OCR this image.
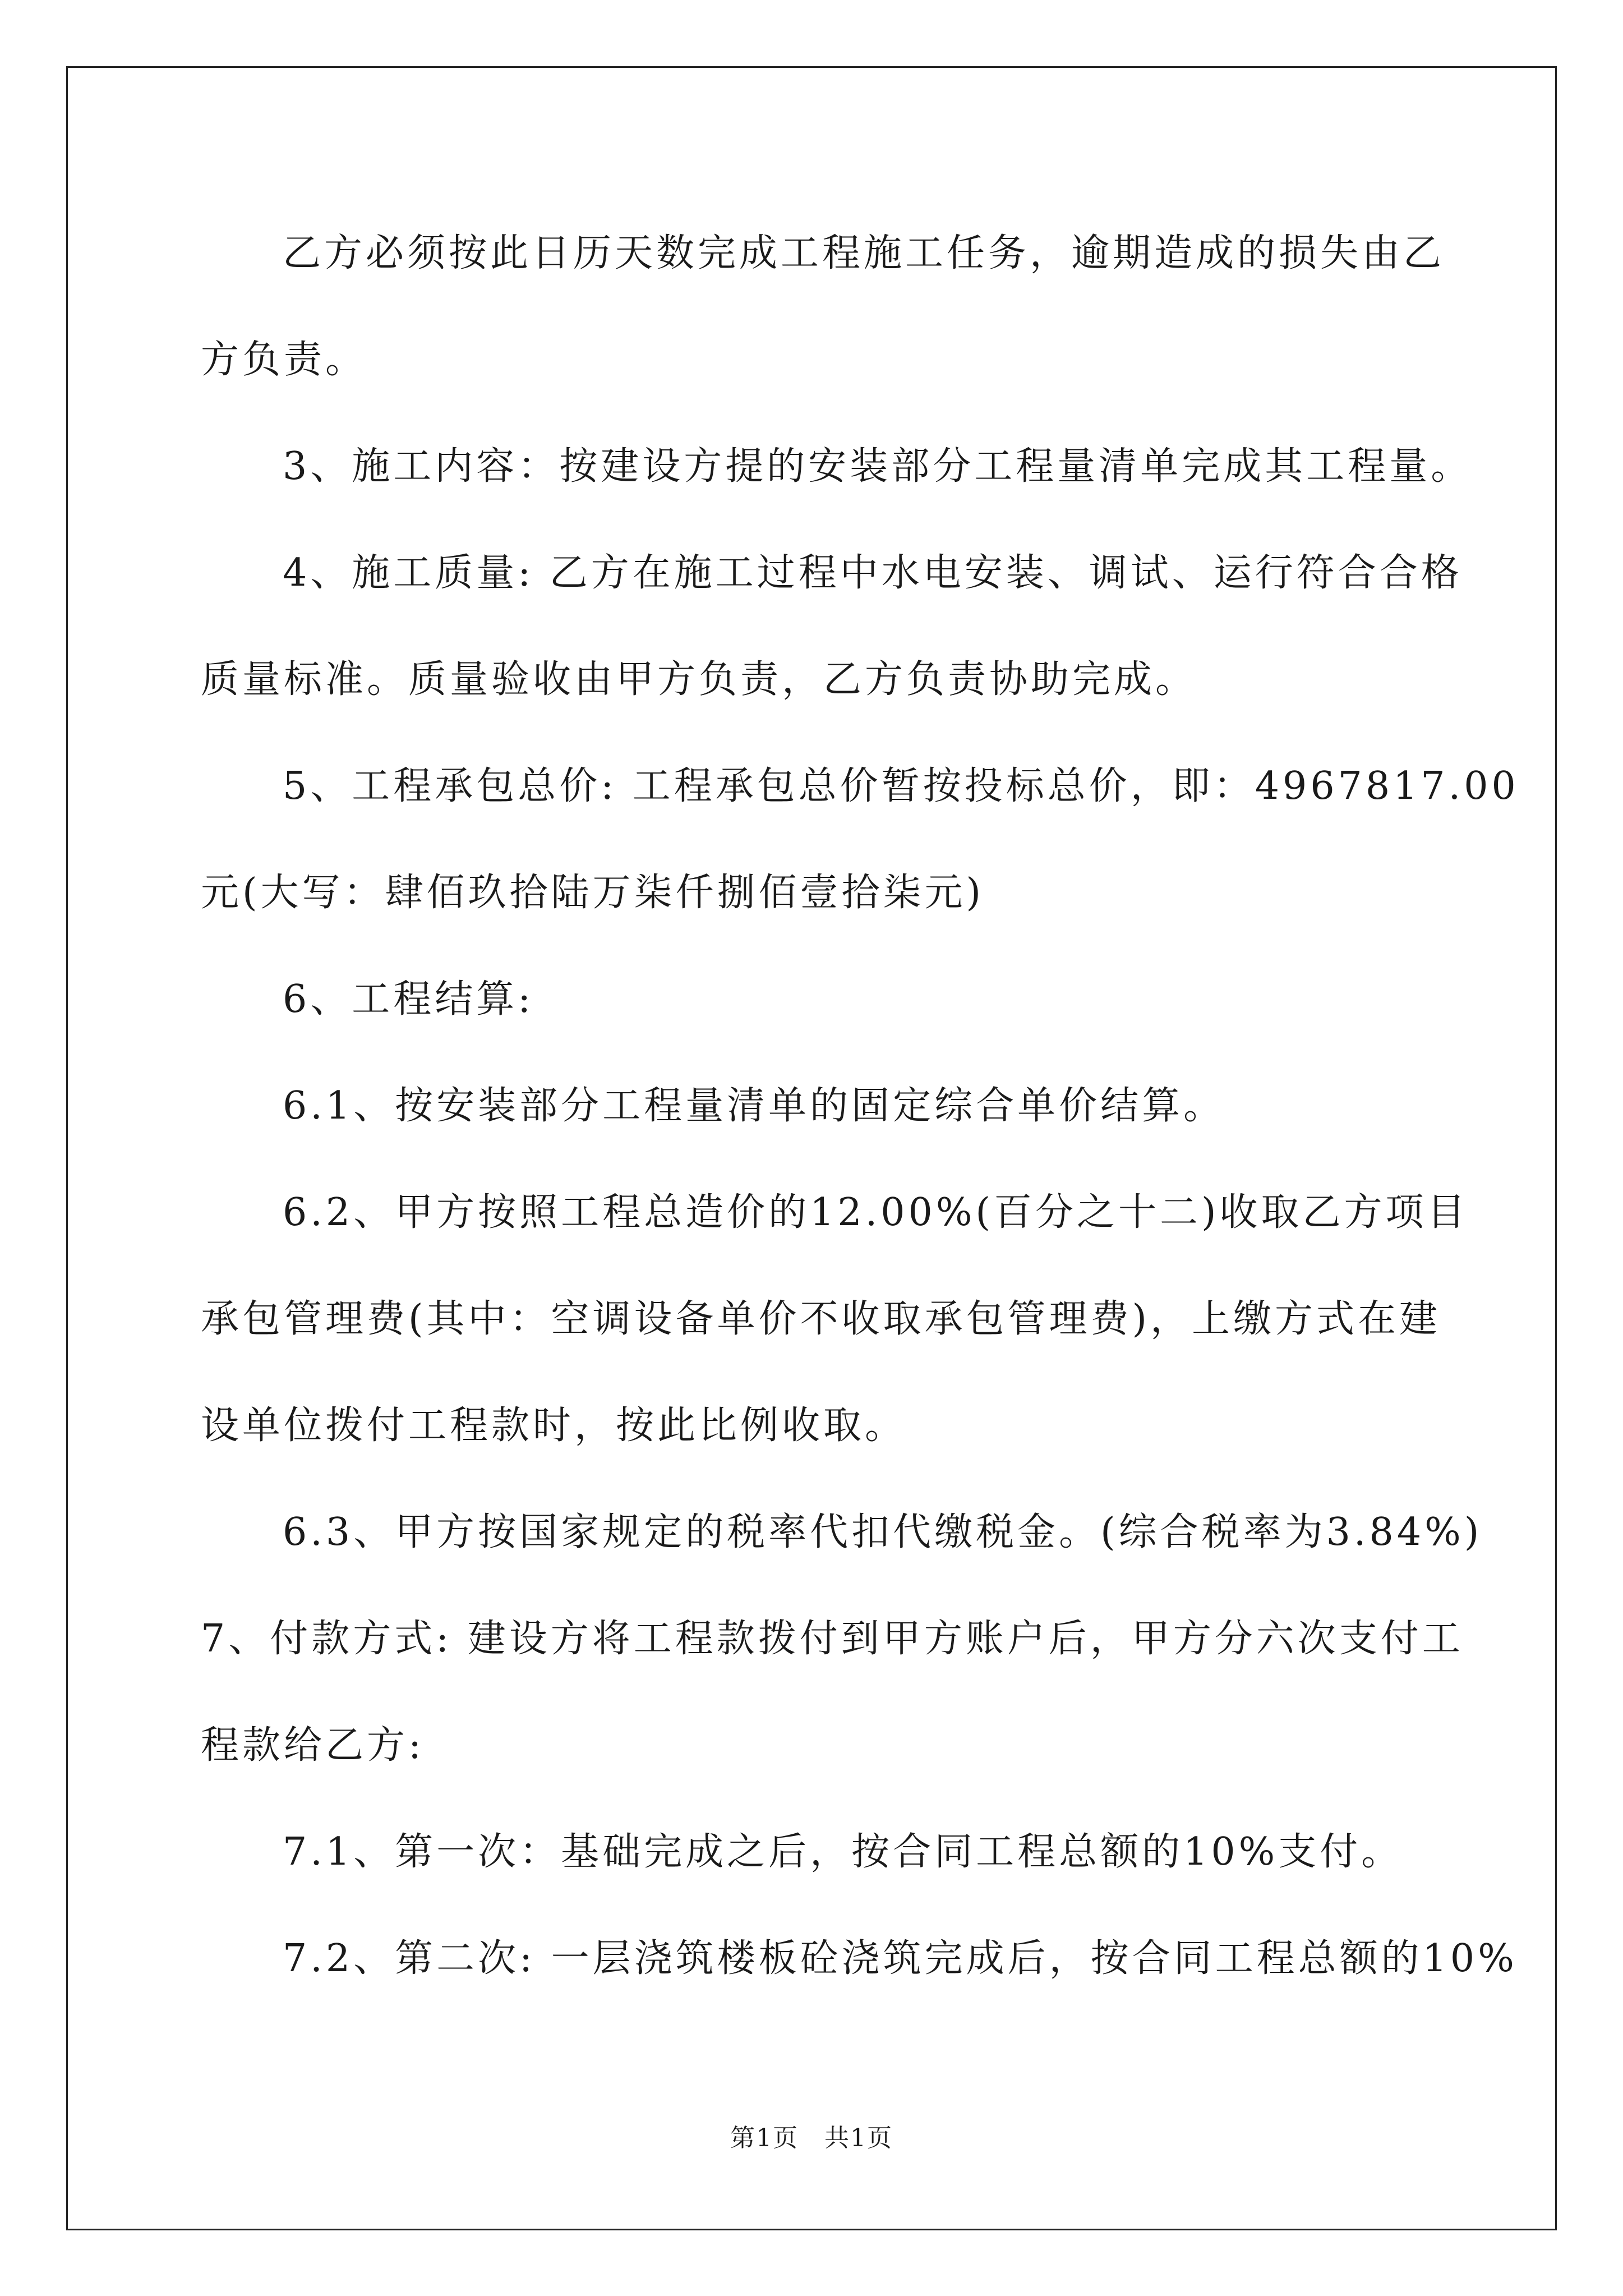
乙方必须按此日历天数完成工程施工任务，逾期造成的损失由乙
方负责。
3、施工内容：按建设方提的安装部分工程量清单完成其工程量。
4、施工质量: 乙方在施工过程中水电安装、调试、运行符合合格
质量标准。质量验收由甲方负责，乙方负责协助完成。
5、工程承包总价: 工程承包总价暂按投标总价，即：4967817.00
元(大写：肆佰玖拾陆万柒仟捌佰壹拾柒元)
6、工程结算:
6.1、按安装部分工程量清单的固定综合单价结算。
6.2、甲方按照工程总造价的12.00%(百分之十二)收取乙方项目
承包管理费(其中：空调设备单价不收取承包管理费)，上缴方式在建
设单位拨付工程款时，按此比例收取。
6.3、甲方按国家规定的税率代扣代缴税金。(综合税率为3.84%)
7、付款方式: 建设方将工程款拨付到甲方账户后，甲方分六次支付工
程款给乙方:
7.1、第一次：基础完成之后，按合同工程总额的10%支付。
7.2、第二次: 一层浇筑楼板砼浇筑完成后，按合同工程总额的10%
第1页　共1页
